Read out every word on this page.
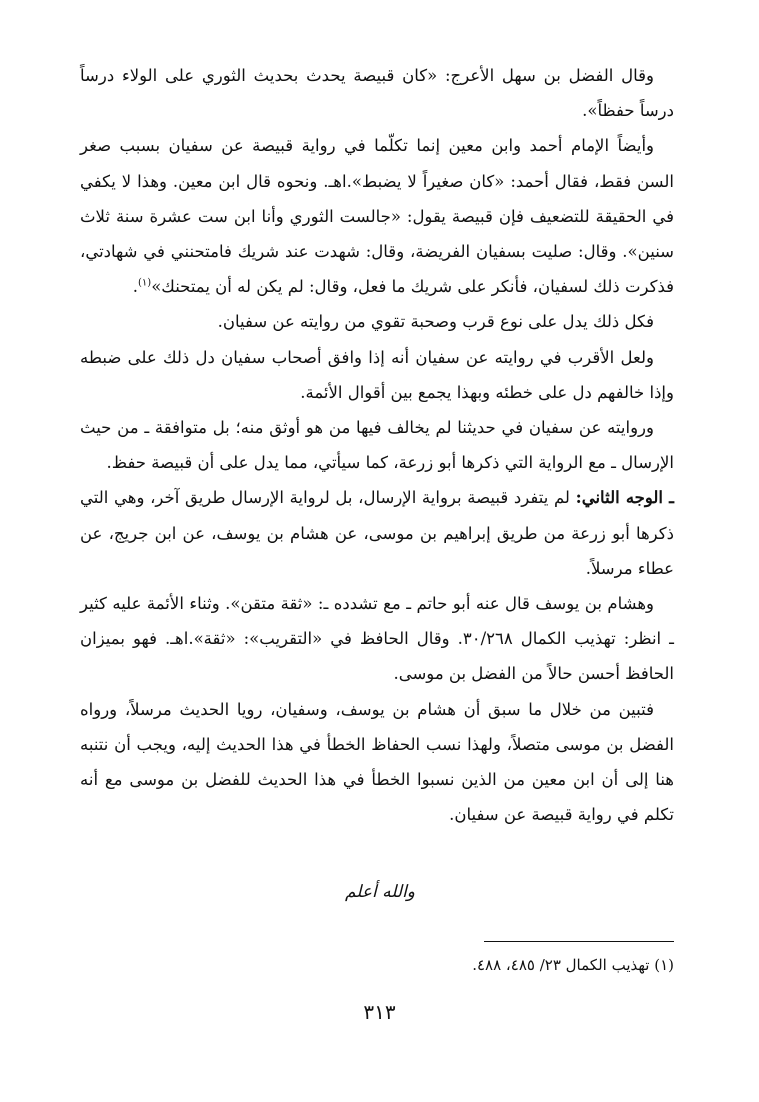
وقال الفضل بن سهل الأعرج: «كان قبيصة يحدث بحديث الثوري على الولاء درساً درساً حفظاً».

وأيضاً الإمام أحمد وابن معين إنما تكلّما في رواية قبيصة عن سفيان بسبب صغر السن فقط، فقال أحمد: «كان صغيراً لا يضبط».اهـ. ونحوه قال ابن معين. وهذا لا يكفي في الحقيقة للتضعيف فإن قبيصة يقول: «جالست الثوري وأنا ابن ست عشرة سنة ثلاث سنين». وقال: صليت بسفيان الفريضة، وقال: شهدت عند شريك فامتحنني في شهادتي، فذكرت ذلك لسفيان، فأنكر على شريك ما فعل، وقال: لم يكن له أن يمتحنك»$^{(١)}$.

فكل ذلك يدل على نوع قرب وصحبة تقوي من روايته عن سفيان.

ولعل الأقرب في روايته عن سفيان أنه إذا وافق أصحاب سفيان دل ذلك على ضبطه وإذا خالفهم دل على خطئه وبهذا يجمع بين أقوال الأئمة.

وروايته عن سفيان في حديثنا لم يخالف فيها من هو أوثق منه؛ بل متوافقة ـ من حيث الإرسال ـ مع الرواية التي ذكرها أبو زرعة، كما سيأتي، مما يدل على أن قبيصة حفظ.

ـ الوجه الثاني: لم يتفرد قبيصة برواية الإرسال، بل لرواية الإرسال طريق آخر، وهي التي ذكرها أبو زرعة من طريق إبراهيم بن موسى، عن هشام بن يوسف، عن ابن جريج، عن عطاء مرسلاً.

وهشام بن يوسف قال عنه أبو حاتم ـ مع تشدده ـ: «ثقة متقن». وثناء الأئمة عليه كثير ـ انظر: تهذيب الكمال ٣٠/٢٦٨. وقال الحافظ في «التقريب»: «ثقة».اهـ. فهو بميزان الحافظ أحسن حالاً من الفضل بن موسى.

فتبين من خلال ما سبق أن هشام بن يوسف، وسفيان، رويا الحديث مرسلاً، ورواه الفضل بن موسى متصلاً، ولهذا نسب الحفاظ الخطأ في هذا الحديث إليه، ويجب أن نتنبه هنا إلى أن ابن معين من الذين نسبوا الخطأ في هذا الحديث للفضل بن موسى مع أنه تكلم في رواية قبيصة عن سفيان.

والله أعلم
(١) تهذيب الكمال ٢٣/ ٤٨٥، ٤٨٨.
٣١٣
